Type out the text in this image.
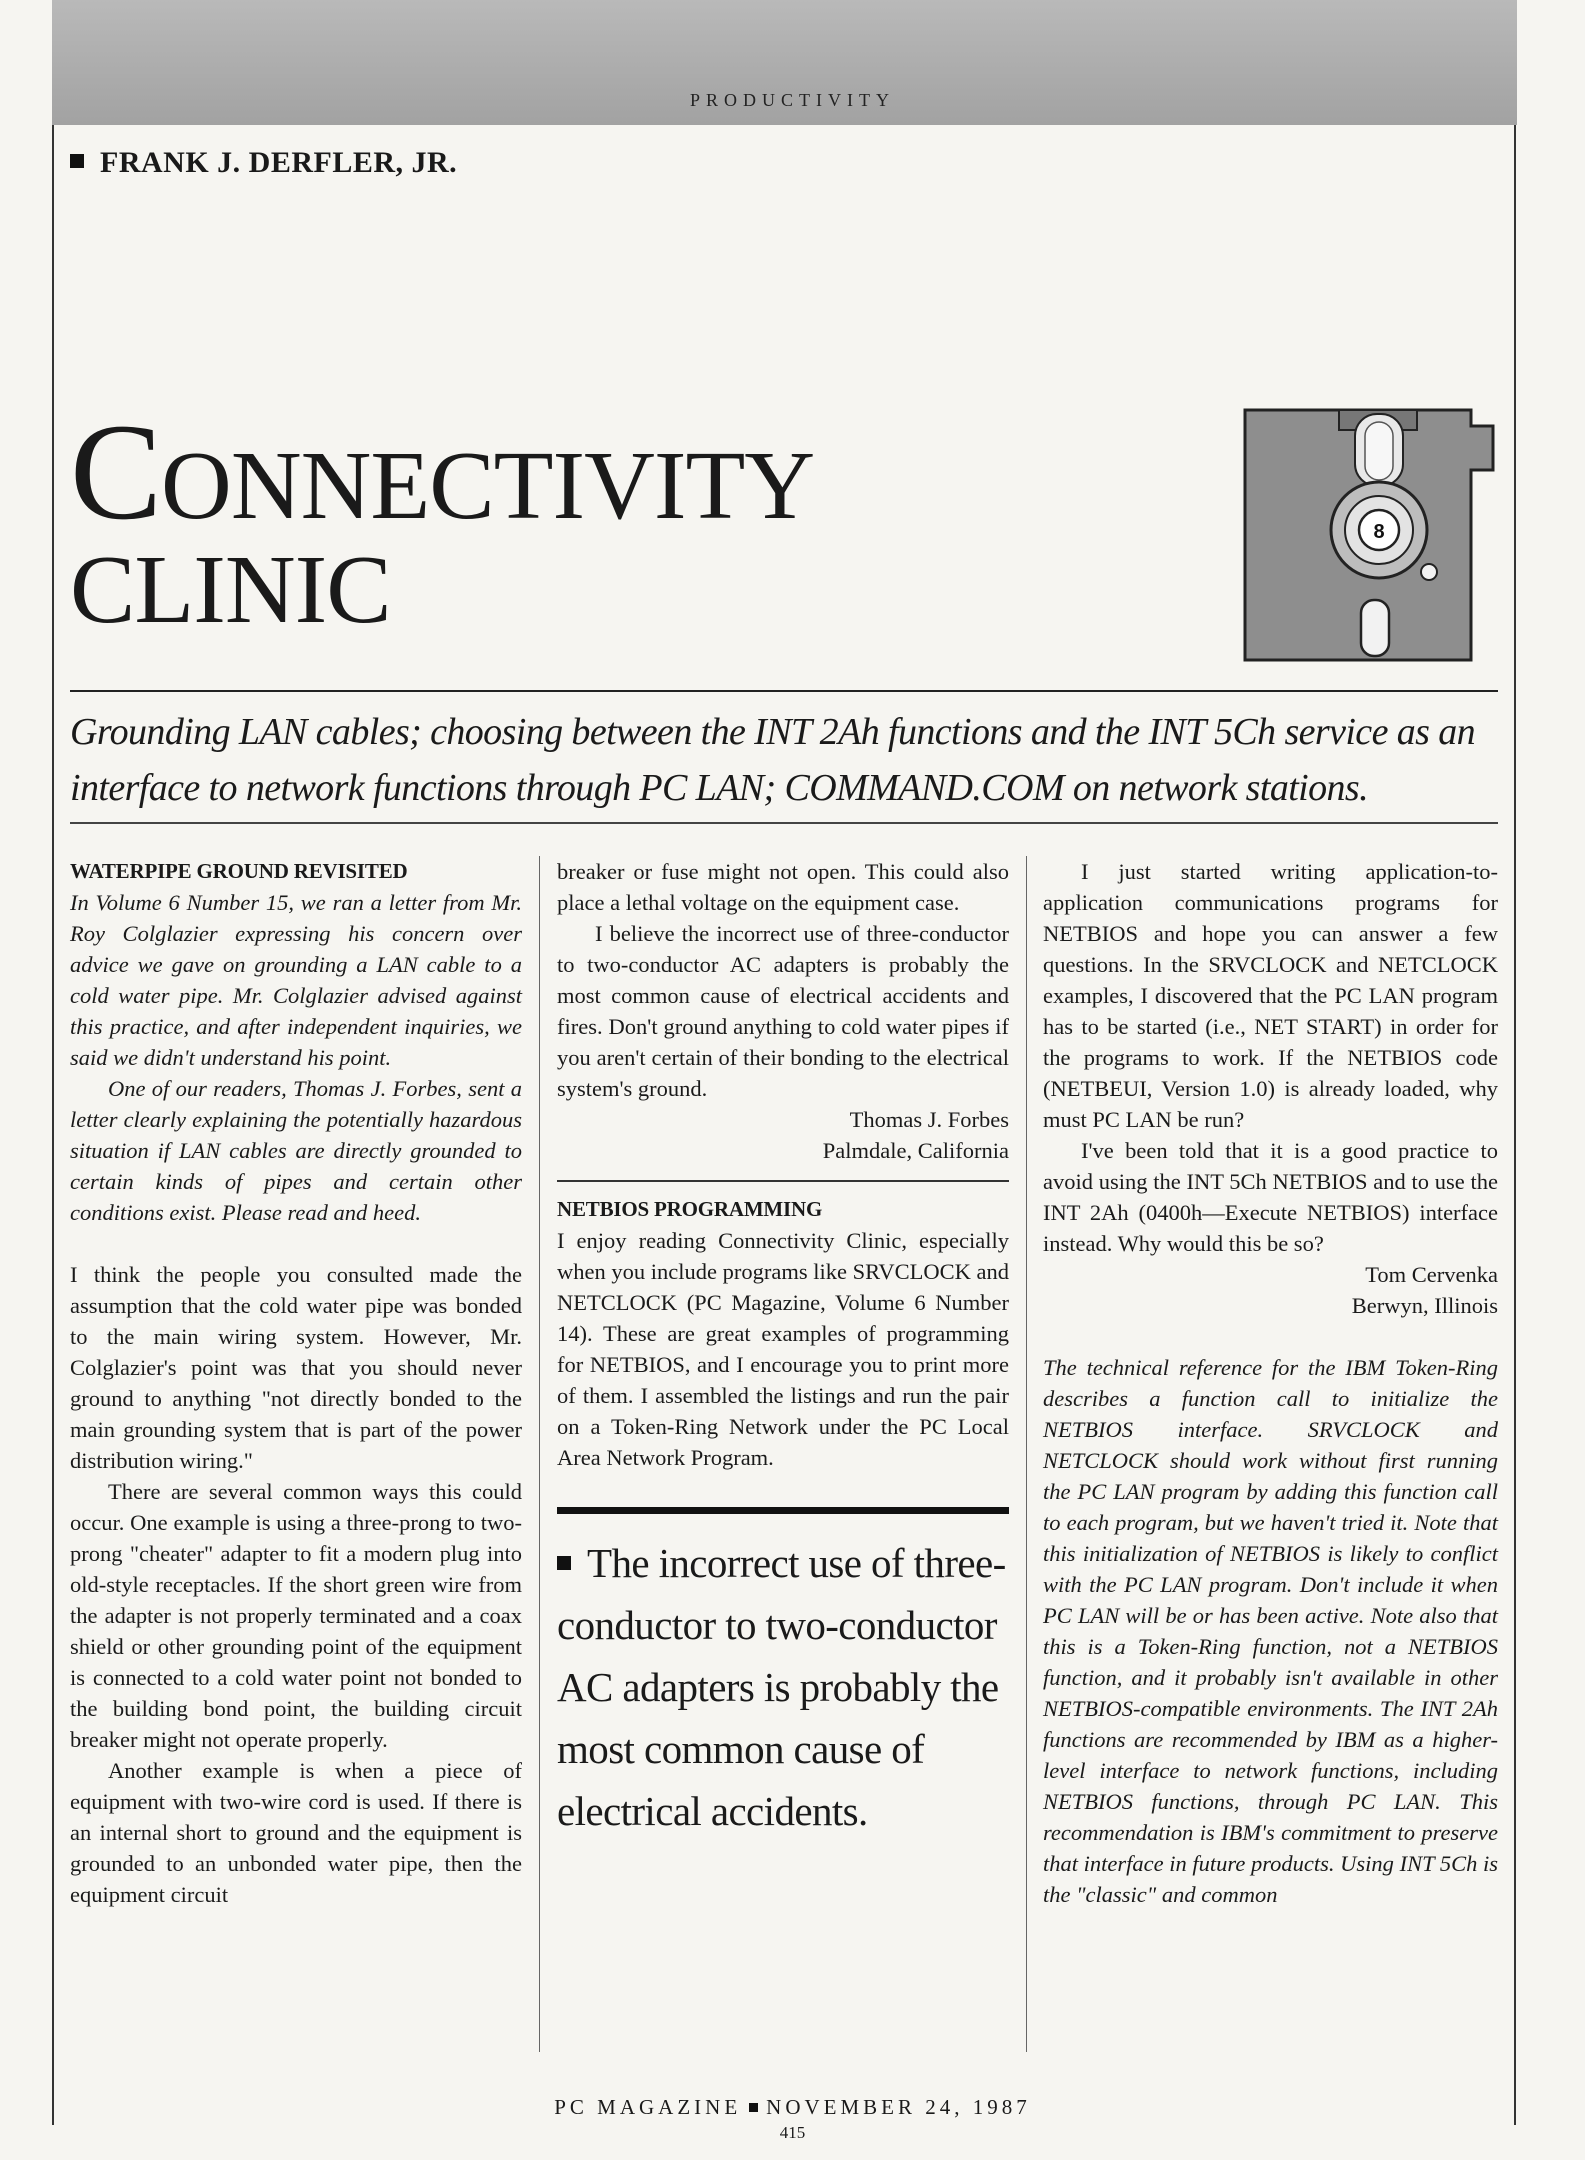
PRODUCTIVITY
FRANK J. DERFLER, JR.
CONNECTIVITY
CLINIC
8
Grounding LAN cables; choosing between the INT 2Ah functions and the INT 5Ch service as an interface to network functions through PC LAN; COMMAND.COM on network stations.

WATERPIPE GROUND REVISITED

In Volume 6 Number 15, we ran a letter from Mr. Roy Colglazier expressing his concern over advice we gave on grounding a LAN cable to a cold water pipe. Mr. Colglazier advised against this practice, and after independent inquiries, we said we didn't understand his point.

One of our readers, Thomas J. Forbes, sent a letter clearly explaining the potentially hazardous situation if LAN cables are directly grounded to certain kinds of pipes and certain other conditions exist. Please read and heed.

I think the people you consulted made the assumption that the cold water pipe was bonded to the main wiring system. However, Mr. Colglazier's point was that you should never ground to anything "not directly bonded to the main grounding system that is part of the power distribution wiring."

There are several common ways this could occur. One example is using a three-prong to two-prong "cheater" adapter to fit a modern plug into old-style receptacles. If the short green wire from the adapter is not properly terminated and a coax shield or other grounding point of the equipment is connected to a cold water point not bonded to the building bond point, the building circuit breaker might not operate properly.

Another example is when a piece of equipment with two-wire cord is used. If there is an internal short to ground and the equipment is grounded to an unbonded water pipe, then the equipment circuit

breaker or fuse might not open. This could also place a lethal voltage on the equipment case.

I believe the incorrect use of three-conductor to two-conductor AC adapters is probably the most common cause of electrical accidents and fires. Don't ground anything to cold water pipes if you aren't certain of their bonding to the electrical system's ground.

Thomas J. Forbes

Palmdale, California

NETBIOS PROGRAMMING

I enjoy reading Connectivity Clinic, especially when you include programs like SRVCLOCK and NETCLOCK (PC Magazine, Volume 6 Number 14). These are great examples of programming for NETBIOS, and I encourage you to print more of them. I assembled the listings and run the pair on a Token-Ring Network under the PC Local Area Network Program.

The incorrect use of three-conductor to two-conductor AC adapters is probably the most common cause of electrical accidents.

I just started writing application-to-application communications programs for NETBIOS and hope you can answer a few questions. In the SRVCLOCK and NETCLOCK examples, I discovered that the PC LAN program has to be started (i.e., NET START) in order for the programs to work. If the NETBIOS code (NETBEUI, Version 1.0) is already loaded, why must PC LAN be run?

I've been told that it is a good practice to avoid using the INT 5Ch NETBIOS and to use the INT 2Ah (0400h—Execute NETBIOS) interface instead. Why would this be so?

Tom Cervenka

Berwyn, Illinois

The technical reference for the IBM Token-Ring describes a function call to initialize the NETBIOS interface. SRVCLOCK and NETCLOCK should work without first running the PC LAN program by adding this function call to each program, but we haven't tried it. Note that this initialization of NETBIOS is likely to conflict with the PC LAN program. Don't include it when PC LAN will be or has been active. Note also that this is a Token-Ring function, not a NETBIOS function, and it probably isn't available in other NETBIOS-compatible environments. The INT 2Ah functions are recommended by IBM as a higher-level interface to network functions, including NETBIOS functions, through PC LAN. This recommendation is IBM's commitment to preserve that interface in future products. Using INT 5Ch is the "classic" and common

PC MAGAZINE NOVEMBER 24, 1987
415
